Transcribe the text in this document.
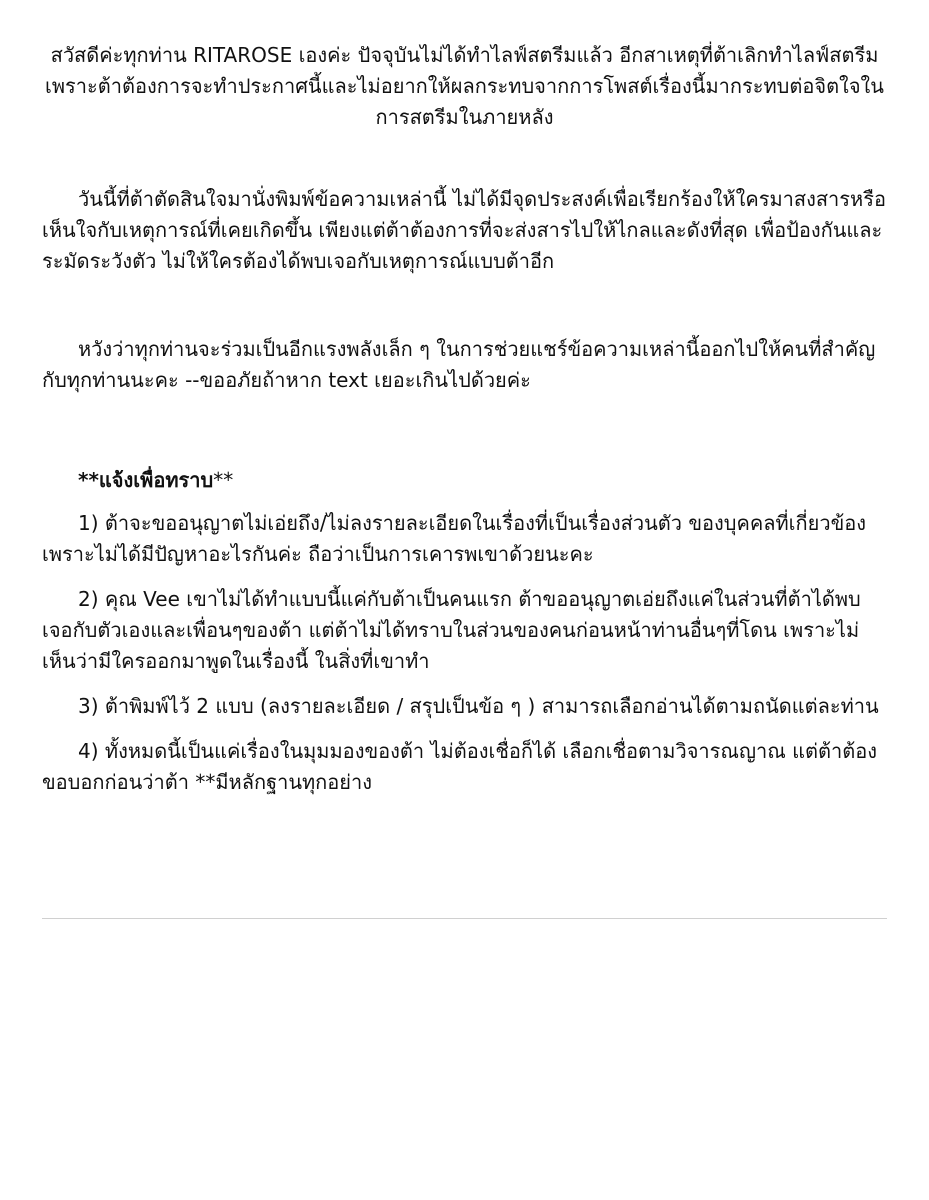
สวัสดีค่ะทุกท่าน RITAROSE เองค่ะ ปัจจุบันไม่ได้ทำไลฟ์สตรีมแล้ว อีกสาเหตุที่ต้าเลิกทำไลฟ์สตรีม เพราะต้าต้องการจะทำประกาศนี้และไม่อยากให้ผลกระทบจากการโพสต์เรื่องนี้มากระทบต่อจิตใจในการสตรีมในภายหลัง

วันนี้ที่ต้าตัดสินใจมานั่งพิมพ์ข้อความเหล่านี้ ไม่ได้มีจุดประสงค์เพื่อเรียกร้องให้ใครมาสงสารหรือเห็นใจกับเหตุการณ์ที่เคยเกิดขึ้น เพียงแต่ต้าต้องการที่จะส่งสารไปให้ไกลและดังที่สุด เพื่อป้องกันและระมัดระวังตัว ไม่ให้ใครต้องได้พบเจอกับเหตุการณ์แบบต้าอีก

หวังว่าทุกท่านจะร่วมเป็นอีกแรงพลังเล็ก ๆ ในการช่วยแชร์ข้อความเหล่านี้ออกไปให้คนที่สำคัญกับทุกท่านนะคะ --ขออภัยถ้าหาก text เยอะเกินไปด้วยค่ะ

**แจ้งเพื่อทราบ**

1) ต้าจะขออนุญาตไม่เอ่ยถึง/ไม่ลงรายละเอียดในเรื่องที่เป็นเรื่องส่วนตัว ของบุคคลที่เกี่ยวข้อง เพราะไม่ได้มีปัญหาอะไรกันค่ะ ถือว่าเป็นการเคารพเขาด้วยนะคะ

2) คุณ Vee เขาไม่ได้ทำแบบนี้แค่กับต้าเป็นคนแรก ต้าขออนุญาตเอ่ยถึงแค่ในส่วนที่ต้าได้พบเจอกับตัวเองและเพื่อนๆของต้า แต่ต้าไม่ได้ทราบในส่วนของคนก่อนหน้าท่านอื่นๆที่โดน เพราะไม่เห็นว่ามีใครออกมาพูดในเรื่องนี้ ในสิ่งที่เขาทำ

3) ต้าพิมพ์ไว้ 2 แบบ (ลงรายละเอียด / สรุปเป็นข้อ ๆ ) สามารถเลือกอ่านได้ตามถนัดแต่ละท่าน

4) ทั้งหมดนี้เป็นแค่เรื่องในมุมมองของต้า ไม่ต้องเชื่อก็ได้ เลือกเชื่อตามวิจารณญาณ แต่ต้าต้องขอบอกก่อนว่าต้า **มีหลักฐานทุกอย่าง
